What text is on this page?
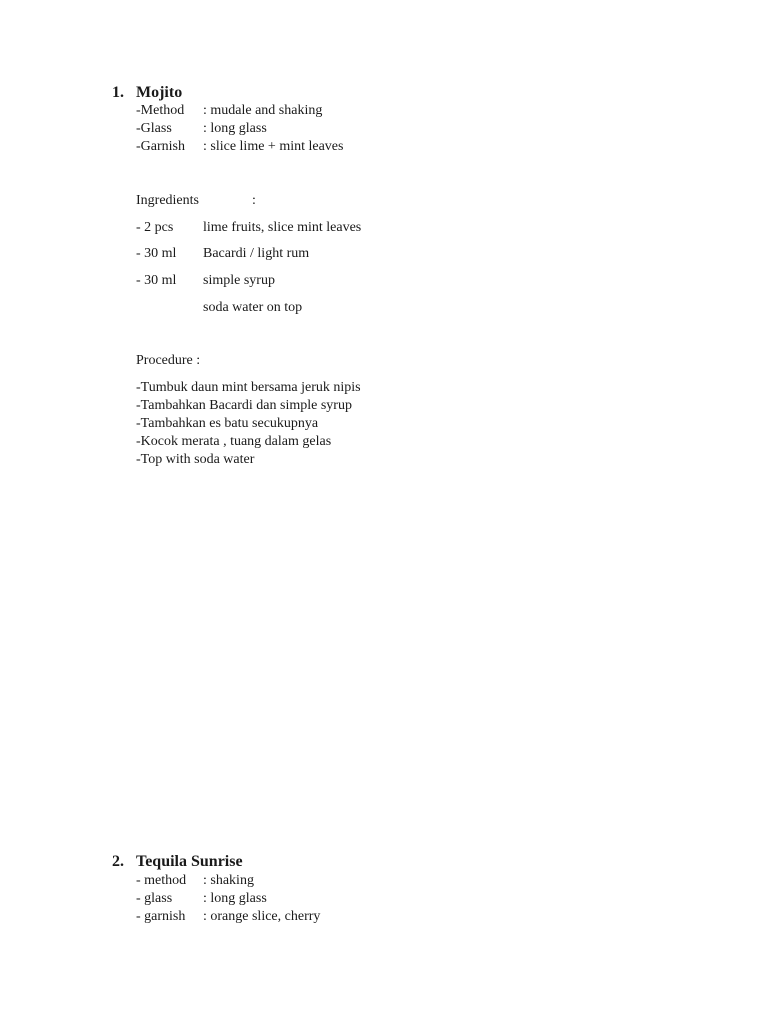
1. Mojito
-Method : mudale and shaking
-Glass : long glass
-Garnish : slice lime + mint leaves
Ingredients	:
- 2 pcs lime fruits, slice mint leaves
- 30 ml Bacardi / light rum
- 30 ml simple syrup
soda water on top
Procedure :
-Tumbuk daun mint bersama jeruk nipis
-Tambahkan Bacardi dan simple syrup
-Tambahkan es batu secukupnya
-Kocok merata , tuang dalam gelas
-Top with soda water
2. Tequila Sunrise
- method : shaking
- glass : long glass
- garnish : orange slice, cherry
